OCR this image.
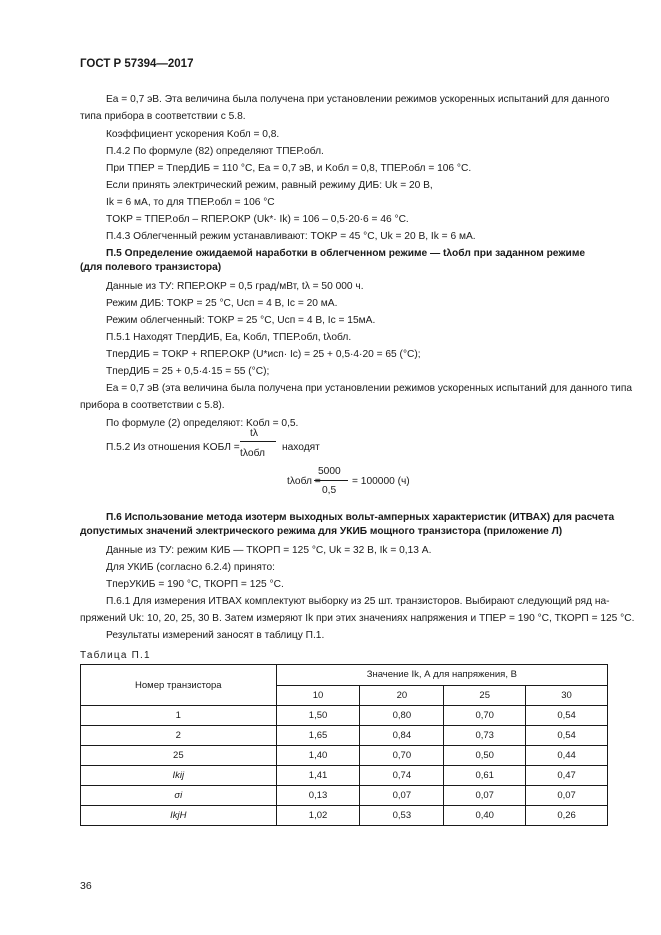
ГОСТ Р 57394—2017
Ea = 0,7 эВ. Эта величина была получена при установлении режимов ускоренных испытаний для данного
типа прибора в соответствии с 5.8.
Коэффициент ускорения Kобл = 0,8.
П.4.2 По формуле (82) определяют TПЕР.обл.
При TПЕР = TперДИБ = 110 °С, Ea = 0,7 эВ, и Kобл = 0,8, TПЕР.обл = 106 °С.
Если принять электрический режим, равный режиму ДИБ: Uk = 20 В,
Ik = 6 мА, то для TПЕР.обл = 106 °С
TОКР = TПЕР.обл – RПЕР.ОКР (Uk*· Ik) = 106 – 0,5·20·6 = 46 °С.
П.4.3 Облегченный режим устанавливают: TОКР = 45 °С, Uk = 20 В, Ik = 6 мА.
П.5 Определение ожидаемой наработки в облегченном режиме — tλобл при заданном режиме
(для полевого транзистора)
Данные из ТУ: RПЕР.ОКР = 0,5 град/мВт, tλ = 50 000 ч.
Режим ДИБ: TОКР = 25 °С, Uсп = 4 В, Ic = 20 мА.
Режим облегченный: TОКР = 25 °С, Uсп = 4 В, Ic = 15мА.
П.5.1 Находят TперДИБ, Ea, Kобл, TПЕР.обл, tλобл.
TперДИБ = TОКР + RПЕР.ОКР (U*исп· Ic) = 25 + 0,5·4·20 = 65 (°С);
TперДИБ = 25 + 0,5·4·15 = 55 (°С);
Ea = 0,7 эВ (эта величина была получена при установлении режимов ускоренных испытаний для данного типа
прибора в соответствии с 5.8).
По формуле (2) определяют: Kобл = 0,5.
П.5.2 Из отношения KОБЛ =
tλ
tλобл
находят
tλобл =
5000
0,5
= 100000 (ч)
П.6 Использование метода изотерм выходных вольт-амперных характеристик (ИТВАХ) для расчета
допустимых значений электрического режима для УКИБ мощного транзистора (приложение Л)
Данные из ТУ: режим КИБ — TКОРП = 125 °С, Uk = 32 В, Ik = 0,13 А.
Для УКИБ (согласно 6.2.4) принято:
TперУКИБ = 190 °С, TКОРП = 125 °С.
П.6.1 Для измерения ИТВАХ комплектуют выборку из 25 шт. транзисторов. Выбирают следующий ряд на-
пряжений Uk: 10, 20, 25, 30 В. Затем измеряют Ik при этих значениях напряжения и TПЕР = 190 °С, TКОРП = 125 °С.
Результаты измерений заносят в таблицу П.1.
Таблица П.1
Номер транзистора	Значение Ik, А для напряжения, В			
	10	20	25	30
1	1,50	0,80	0,70	0,54
2	1,65	0,84	0,73	0,54
25	1,40	0,70	0,50	0,44
Ikij	1,41	0,74	0,61	0,47
σi	0,13	0,07	0,07	0,07
IkjH	1,02	0,53	0,40	0,26
36
